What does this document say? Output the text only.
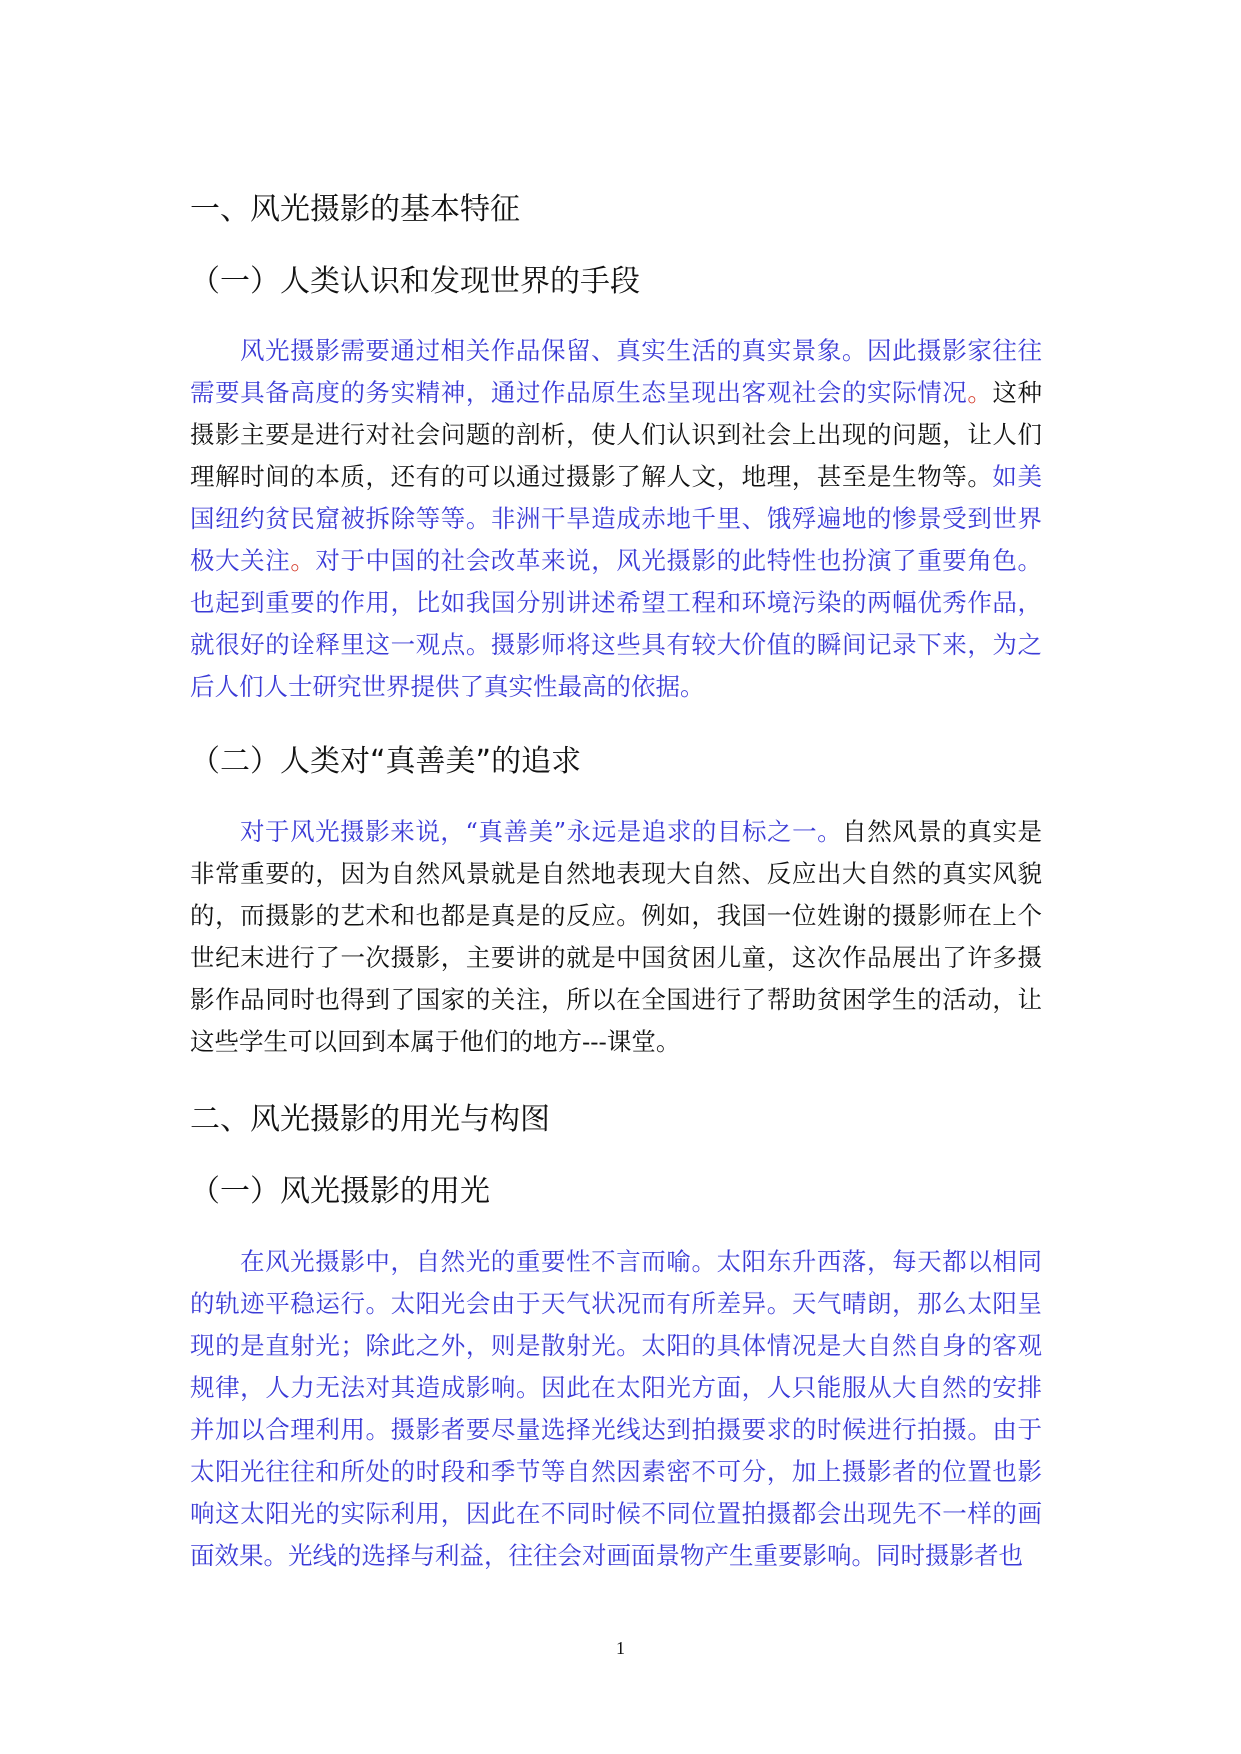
一、风光摄影的基本特征
（一）人类认识和发现世界的手段
风光摄影需要通过相关作品保留、真实生活的真实景象。因此摄影家往往需要具备高度的务实精神，通过作品原生态呈现出客观社会的实际情况。这种摄影主要是进行对社会问题的剖析，使人们认识到社会上出现的问题，让人们理解时间的本质，还有的可以通过摄影了解人文，地理，甚至是生物等。如美国纽约贫民窟被拆除等等。非洲干旱造成赤地千里、饿殍遍地的惨景受到世界极大关注。对于中国的社会改革来说，风光摄影的此特性也扮演了重要角色。也起到重要的作用，比如我国分别讲述希望工程和环境污染的两幅优秀作品，就很好的诠释里这一观点。摄影师将这些具有较大价值的瞬间记录下来，为之后人们人士研究世界提供了真实性最高的依据。
（二）人类对“真善美”的追求
对于风光摄影来说，“真善美”永远是追求的目标之一。自然风景的真实是非常重要的，因为自然风景就是自然地表现大自然、反应出大自然的真实风貌的，而摄影的艺术和也都是真是的反应。例如，我国一位姓谢的摄影师在上个世纪末进行了一次摄影，主要讲的就是中国贫困儿童，这次作品展出了许多摄影作品同时也得到了国家的关注，所以在全国进行了帮助贫困学生的活动，让这些学生可以回到本属于他们的地方---课堂。
二、风光摄影的用光与构图
（一）风光摄影的用光
在风光摄影中，自然光的重要性不言而喻。太阳东升西落，每天都以相同的轨迹平稳运行。太阳光会由于天气状况而有所差异。天气晴朗，那么太阳呈现的是直射光；除此之外，则是散射光。太阳的具体情况是大自然自身的客观规律，人力无法对其造成影响。因此在太阳光方面，人只能服从大自然的安排并加以合理利用。摄影者要尽量选择光线达到拍摄要求的时候进行拍摄。由于太阳光往往和所处的时段和季节等自然因素密不可分，加上摄影者的位置也影响这太阳光的实际利用，因此在不同时候不同位置拍摄都会出现先不一样的画面效果。光线的选择与利益，往往会对画面景物产生重要影响。同时摄影者也
1
